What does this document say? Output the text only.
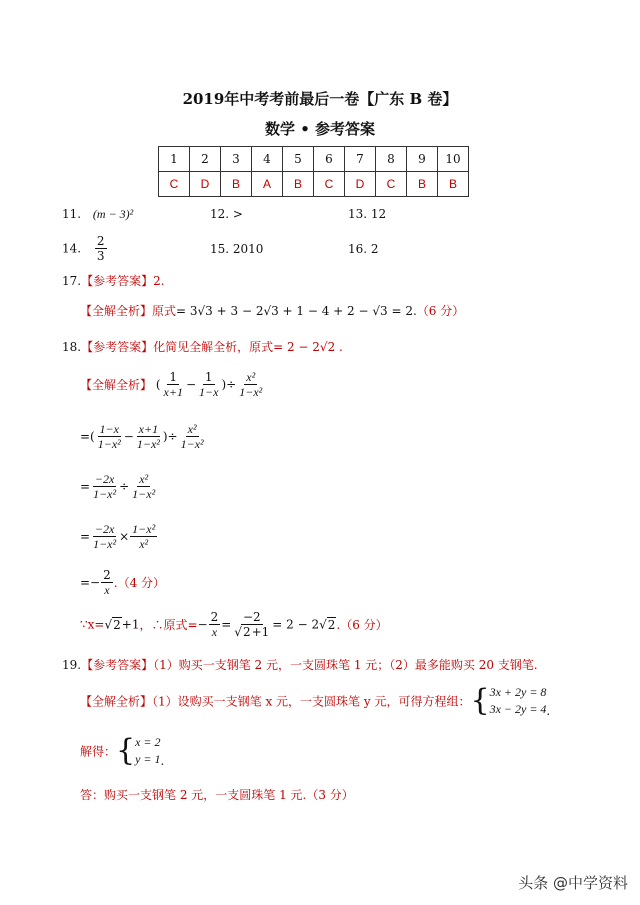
2019年中考考前最后一卷【广东 B 卷】
数学 • 参考答案
1	2	3	4	5	6	7	8	9	10
C	D	B	A	B	C	D	C	B	B
11. (m − 3)²	12. >	13. 12
14. $\frac{2}{3}$	15. 2010	16. 2
17.【参考答案】2.
【全解全析】原式= 3√3 + 3 − 2√3 + 1 − 4 + 2 − √3 = 2.（6 分）
18.【参考答案】化简见全解全析，原式= 2 − 2√2 .
【全解全析】 ( $\frac{1}{x+1} - \frac{1}{1-x}$ )÷ $\frac{\text{x²}}{\text{1−x²}}$
=( $\frac{1-x}{\text{1−x²}} - \frac{x+1}{\text{1−x²}}$ )÷ $\frac{\text{x²}}{\text{1−x²}}$
= $\frac{-2x}{\text{1−x²}} \div \frac{\text{x²}}{\text{1−x²}}$
= $\frac{-2x}{\text{1−x²}} \times \frac{\text{1−x²}}{\text{x²}}$
=− $\frac{2}{x} .(4$ 分）
∵x=√2+1，∴原式=− $\frac{2}{x} = \frac{-2}{√2+1} = 2 - 2√2.(6$ 分）
19.【参考答案】（1）购买一支钢笔 2 元，一支圆珠笔 1 元；（2）最多能购买 20 支钢笔.
【全解全析】（1）设购买一支钢笔 x 元，一支圆珠笔 y 元，可得方程组：{ 3x + 2y = 8
3x − 2y = 4 .
解得：{ x = 2
y = 1 .
答：购买一支钢笔 2 元，一支圆珠笔 1 元.（3 分）
头条 @中学资料
